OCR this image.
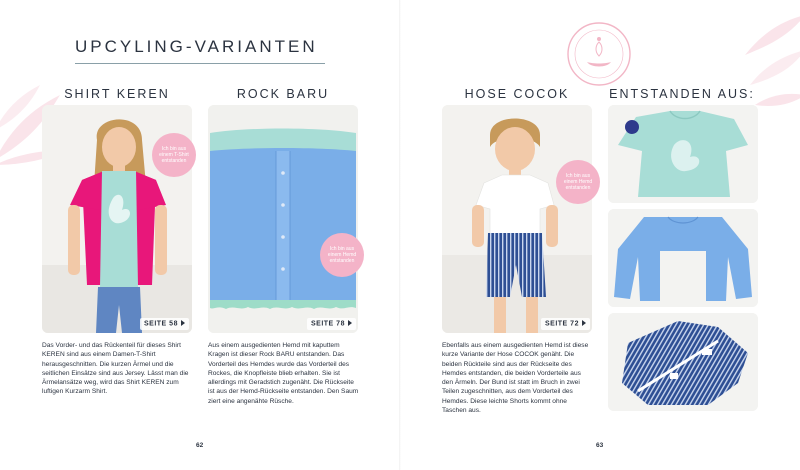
UPCYLING-VARIANTEN
SHIRT KEREN	ROCK BARU	HOSE COCOK	ENTSTANDEN AUS:
Ich bin aus einem T-Shirt entstanden
SEITE 58
Ich bin aus einem Hemd entstanden
SEITE 78
Ich bin aus einem Hemd entstanden
SEITE 72
Das Vorder- und das Rückenteil für dieses Shirt KEREN sind aus einem Damen-T-Shirt herausgeschnitten. Die kurzen Ärmel und die seitlichen Einsätze sind aus Jersey. Lässt man die Ärmelansätze weg, wird das Shirt KEREN zum luftigen Kurzarm Shirt.
Aus einem ausgedienten Hemd mit kaputtem Kragen ist dieser Rock BARU entstanden. Das Vorderteil des Hemdes wurde das Vorderteil des Rockes, die Knopfleiste blieb erhalten. Sie ist allerdings mit Geradstich zugenäht. Die Rückseite ist aus der Hemd-Rückseite entstanden. Den Saum ziert eine angenähte Rüsche.
Ebenfalls aus einem ausgedienten Hemd ist diese kurze Variante der Hose COCOK genäht. Die beiden Rückteile sind aus der Rückseite des Hemdes entstanden, die beiden Vorderteile aus den Ärmeln. Der Bund ist statt im Bruch in zwei Teilen zugeschnitten, aus dem Vorderteil des Hemdes. Diese leichte Shorts kommt ohne Taschen aus.
62	63
